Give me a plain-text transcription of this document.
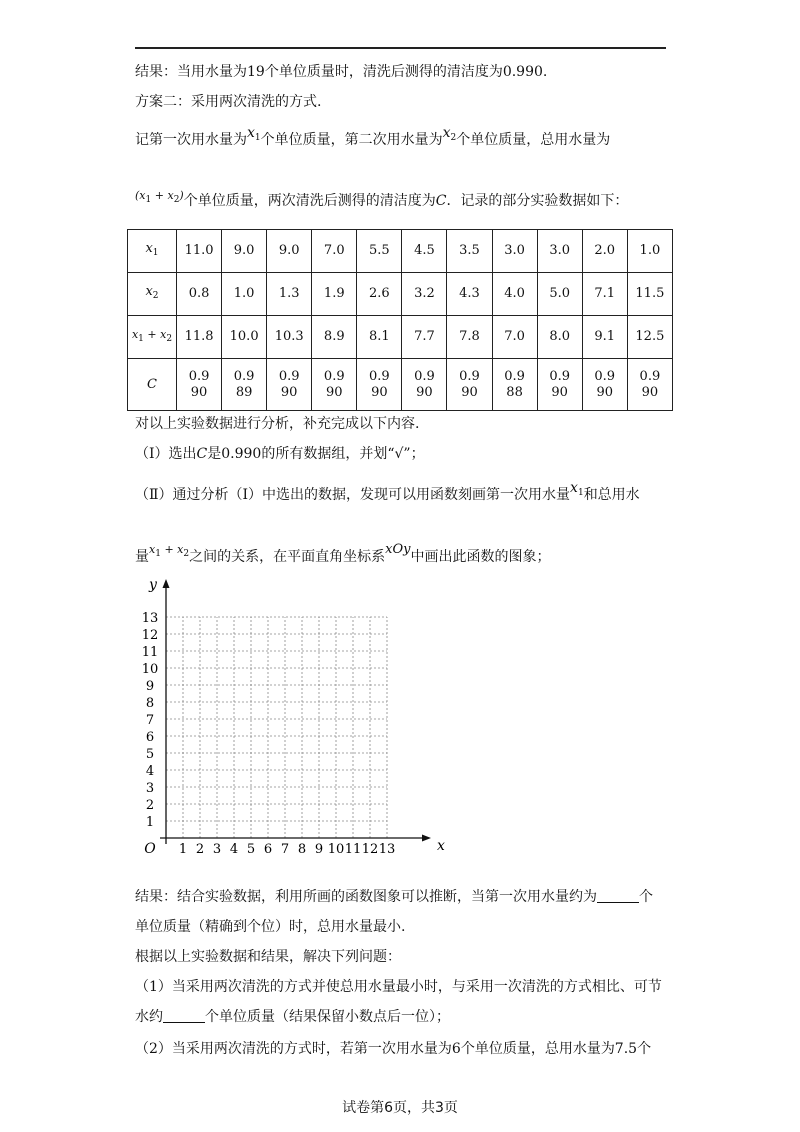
结果：当用水量为19个单位质量时，清洗后测得的清洁度为0.990.
方案二：采用两次清洗的方式.
记第一次用水量为$x_1$个单位质量，第二次用水量为$x_2$个单位质量，总用水量为
$^{(x_1 + x_2)}$个单位质量，两次清洗后测得的清洁度为C．记录的部分实验数据如下：
$x_1$	11.0	9.0	9.0	7.0	5.5	4.5	3.5	3.0	3.0	2.0	1.0
$x_2$	0.8	1.0	1.3	1.9	2.6	3.2	4.3	4.0	5.0	7.1	11.5
$x_1 + x_2$	11.8	10.0	10.3	8.9	8.1	7.7	7.8	7.0	8.0	9.1	12.5
C	0.990	0.989	0.990	0.990	0.990	0.990	0.990	0.988	0.990	0.990	0.990
对以上实验数据进行分析，补充完成以下内容.
（Ⅰ）选出C是0.990的所有数据组，并划“√”；
（Ⅱ）通过分析（Ⅰ）中选出的数据，发现可以用函数刻画第一次用水量$x_1$和总用水
量$^{x_1 + x_2}$之间的关系，在平面直角坐标系xOy中画出此函数的图象；
1 2 3 4 5 6 7 8 9 10 11 12 13
1
2
3
4
5
6
7
8
9
10
11
12
13
O	x
y
结果：结合实验数据，利用所画的函数图象可以推断，当第一次用水量约为	个
单位质量（精确到个位）时，总用水量最小.
根据以上实验数据和结果，解决下列问题：
（1）当采用两次清洗的方式并使总用水量最小时，与采用一次清洗的方式相比、可节
水约	个单位质量（结果保留小数点后一位）；
（2）当采用两次清洗的方式时，若第一次用水量为6个单位质量，总用水量为7.5个
试卷第6页，共3页
